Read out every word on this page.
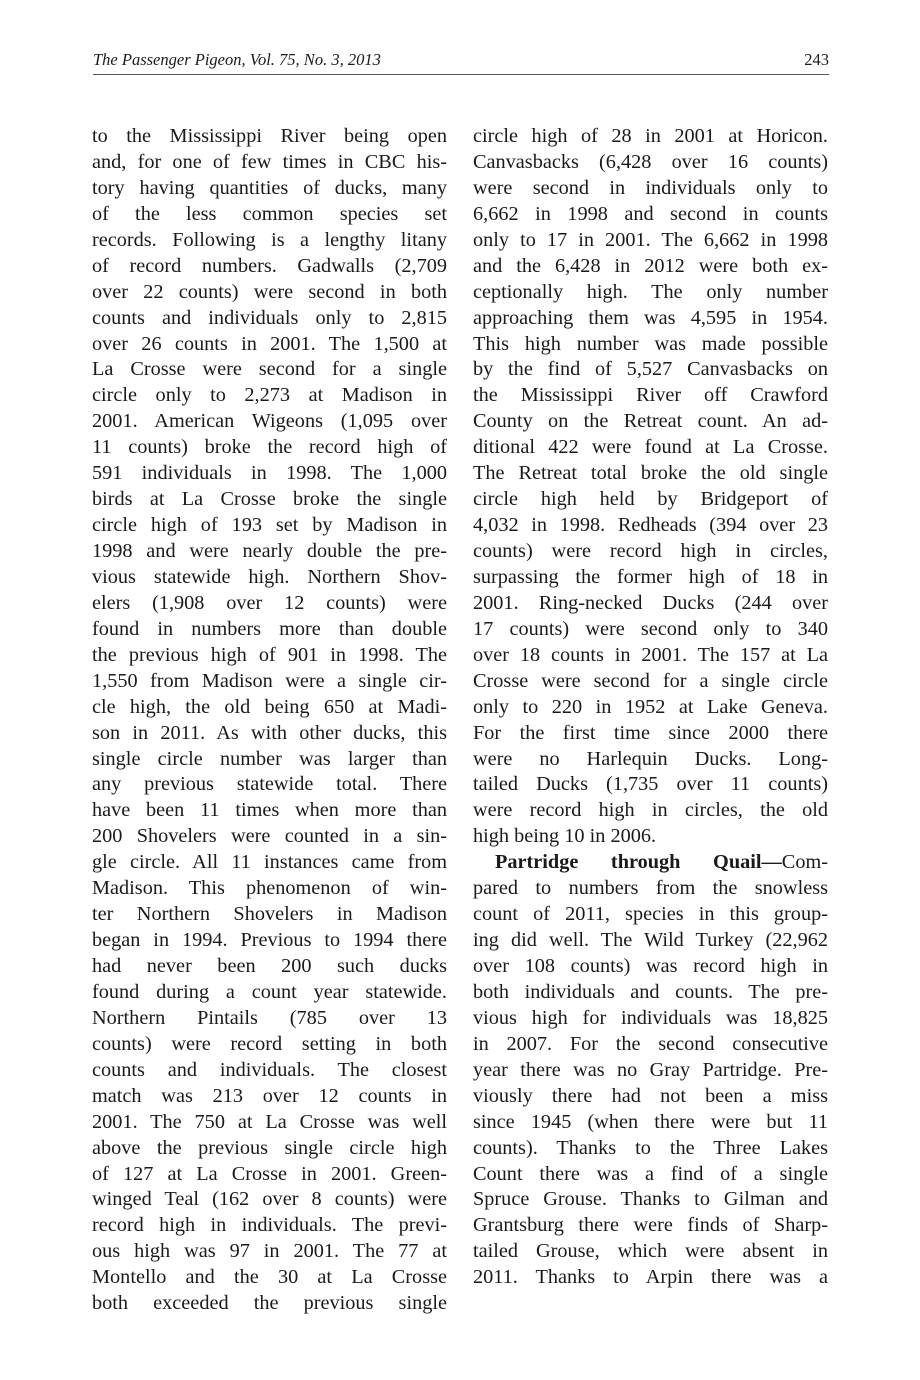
The Passenger Pigeon, Vol. 75, No. 3, 2013	243
to the Mississippi River being open
and, for one of few times in CBC his-
tory having quantities of ducks, many
of the less common species set
records. Following is a lengthy litany
of record numbers. Gadwalls (2,709
over 22 counts) were second in both
counts and individuals only to 2,815
over 26 counts in 2001. The 1,500 at
La Crosse were second for a single
circle only to 2,273 at Madison in
2001. American Wigeons (1,095 over
11 counts) broke the record high of
591 individuals in 1998. The 1,000
birds at La Crosse broke the single
circle high of 193 set by Madison in
1998 and were nearly double the pre-
vious statewide high. Northern Shov-
elers (1,908 over 12 counts) were
found in numbers more than double
the previous high of 901 in 1998. The
1,550 from Madison were a single cir-
cle high, the old being 650 at Madi-
son in 2011. As with other ducks, this
single circle number was larger than
any previous statewide total. There
have been 11 times when more than
200 Shovelers were counted in a sin-
gle circle. All 11 instances came from
Madison. This phenomenon of win-
ter Northern Shovelers in Madison
began in 1994. Previous to 1994 there
had never been 200 such ducks
found during a count year statewide.
Northern Pintails (785 over 13
counts) were record setting in both
counts and individuals. The closest
match was 213 over 12 counts in
2001. The 750 at La Crosse was well
above the previous single circle high
of 127 at La Crosse in 2001. Green-
winged Teal (162 over 8 counts) were
record high in individuals. The previ-
ous high was 97 in 2001. The 77 at
Montello and the 30 at La Crosse
both exceeded the previous single
circle high of 28 in 2001 at Horicon.
Canvasbacks (6,428 over 16 counts)
were second in individuals only to
6,662 in 1998 and second in counts
only to 17 in 2001. The 6,662 in 1998
and the 6,428 in 2012 were both ex-
ceptionally high. The only number
approaching them was 4,595 in 1954.
This high number was made possible
by the find of 5,527 Canvasbacks on
the Mississippi River off Crawford
County on the Retreat count. An ad-
ditional 422 were found at La Crosse.
The Retreat total broke the old single
circle high held by Bridgeport of
4,032 in 1998. Redheads (394 over 23
counts) were record high in circles,
surpassing the former high of 18 in
2001. Ring-necked Ducks (244 over
17 counts) were second only to 340
over 18 counts in 2001. The 157 at La
Crosse were second for a single circle
only to 220 in 1952 at Lake Geneva.
For the first time since 2000 there
were no Harlequin Ducks. Long-
tailed Ducks (1,735 over 11 counts)
were record high in circles, the old
high being 10 in 2006.
Partridge through Quail—Com-
pared to numbers from the snowless
count of 2011, species in this group-
ing did well. The Wild Turkey (22,962
over 108 counts) was record high in
both individuals and counts. The pre-
vious high for individuals was 18,825
in 2007. For the second consecutive
year there was no Gray Partridge. Pre-
viously there had not been a miss
since 1945 (when there were but 11
counts). Thanks to the Three Lakes
Count there was a find of a single
Spruce Grouse. Thanks to Gilman and
Grantsburg there were finds of Sharp-
tailed Grouse, which were absent in
2011. Thanks to Arpin there was a
